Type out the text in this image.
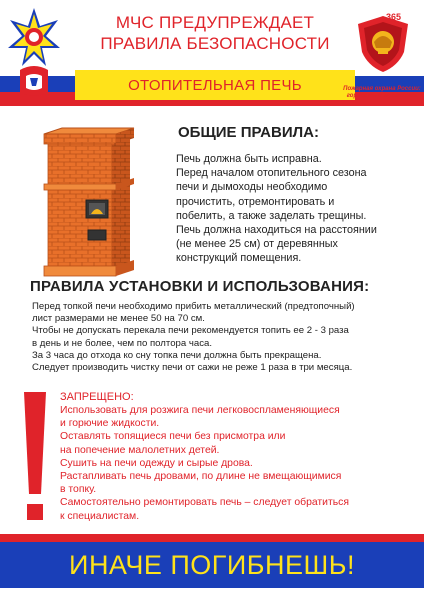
МЧС ПРЕДУПРЕЖДАЕТ
ПРАВИЛА БЕЗОПАСНОСТИ
ОТОПИТЕЛЬНАЯ ПЕЧЬ
365
Пожарная охрана России:
гордость и мужество!
ОБЩИЕ ПРАВИЛА:

Печь должна быть исправна.

Перед началом отопительного сезона

печи и дымоходы необходимо

прочистить, отремонтировать и

побелить, а также заделать трещины.

Печь должна находиться на расстоянии

(не менее 25 см) от деревянных

конструкций помещения.

ПРАВИЛА УСТАНОВКИ И ИСПОЛЬЗОВАНИЯ:

Перед топкой печи необходимо прибить металлический (предтопочный)

лист размерами не менее 50 на 70 см.

Чтобы не допускать перекала печи рекомендуется топить ее 2 - 3 раза

в день и не более, чем по полтора часа.

За 3 часа до отхода ко сну топка печи должна быть прекращена.

Следует производить чистку печи от сажи не реже 1 раза в три месяца.

ЗАПРЕЩЕНО:

Использовать для розжига печи легковоспламеняющиеся

и горючие жидкости.

Оставлять топящиеся печи без присмотра или

на попечение малолетних детей.

Сушить на печи одежду и сырые дрова.

Растапливать печь дровами, по длине не вмещающимися

в топку.

Самостоятельно ремонтировать печь – следует обратиться

к специалистам.

ИНАЧЕ ПОГИБНЕШЬ!
